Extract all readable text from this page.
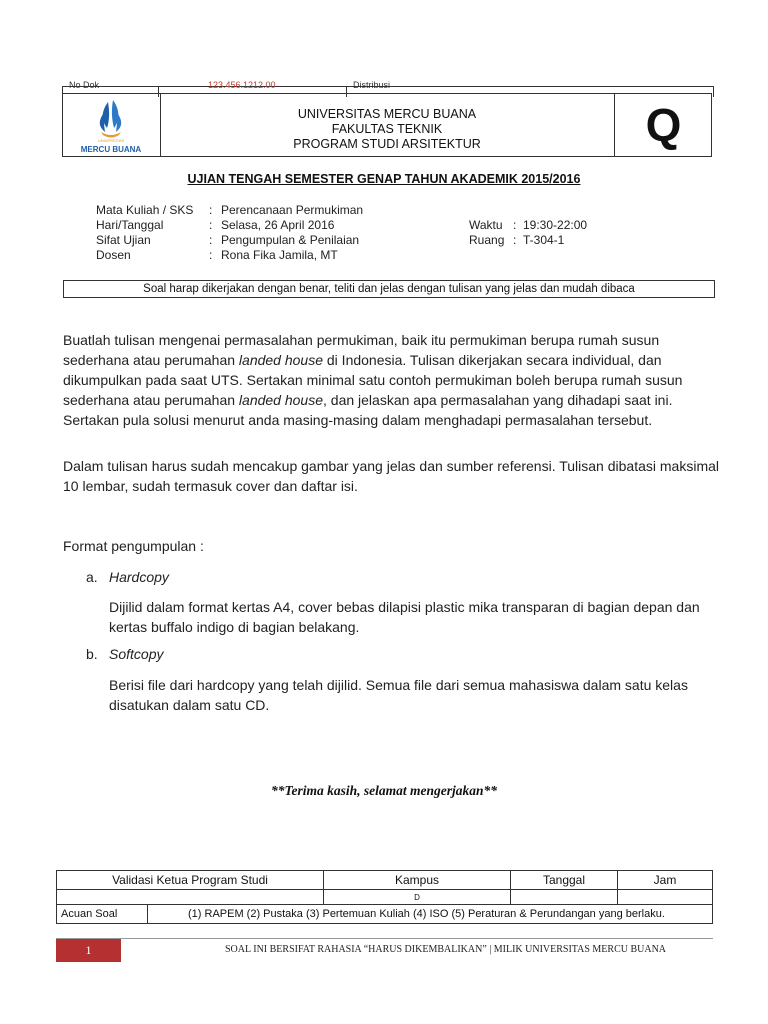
No Dok	123.456.1212.00	Distribusi
UNIVERSITAS
MERCU BUANA
UNIVERSITAS MERCU BUANA
FAKULTAS TEKNIK
PROGRAM STUDI ARSITEKTUR	Q
UJIAN TENGAH SEMESTER GENAP TAHUN AKADEMIK 2015/2016
Mata Kuliah / SKS : Perencanaan Permukiman
Hari/Tanggal	: Selasa, 26 April 2016	Waktu : 19:30-22:00
Sifat Ujian	: Pengumpulan & Penilaian	Ruang : T-304-1
Dosen	: Rona Fika Jamila, MT
Soal harap dikerjakan dengan benar, teliti dan jelas dengan tulisan yang jelas dan mudah dibaca
Buatlah tulisan mengenai permasalahan permukiman, baik itu permukiman berupa rumah susun sederhana atau perumahan landed house di Indonesia. Tulisan dikerjakan secara individual, dan dikumpulkan pada saat UTS. Sertakan minimal satu contoh permukiman boleh berupa rumah susun sederhana atau perumahan landed house, dan jelaskan apa permasalahan yang dihadapi saat ini. Sertakan pula solusi menurut anda masing-masing dalam menghadapi permasalahan tersebut.
Dalam tulisan harus sudah mencakup gambar yang jelas dan sumber referensi. Tulisan dibatasi maksimal 10 lembar, sudah termasuk cover dan daftar isi.
Format pengumpulan :
a. Hardcopy
Dijilid dalam format kertas A4, cover bebas dilapisi plastic mika transparan di bagian depan dan kertas buffalo indigo di bagian belakang.
b. Softcopy
Berisi file dari hardcopy yang telah dijilid. Semua file dari semua mahasiswa dalam satu kelas disatukan dalam satu CD.
**Terima kasih, selamat mengerjakan**
Validasi Ketua Program Studi		Kampus	Tanggal	Jam
		D		
Acuan Soal	(1) RAPEM (2) Pustaka (3) Pertemuan Kuliah (4) ISO (5) Peraturan & Perundangan yang berlaku.			
1	SOAL INI BERSIFAT RAHASIA “HARUS DIKEMBALIKAN” | MILIK UNIVERSITAS MERCU BUANA
